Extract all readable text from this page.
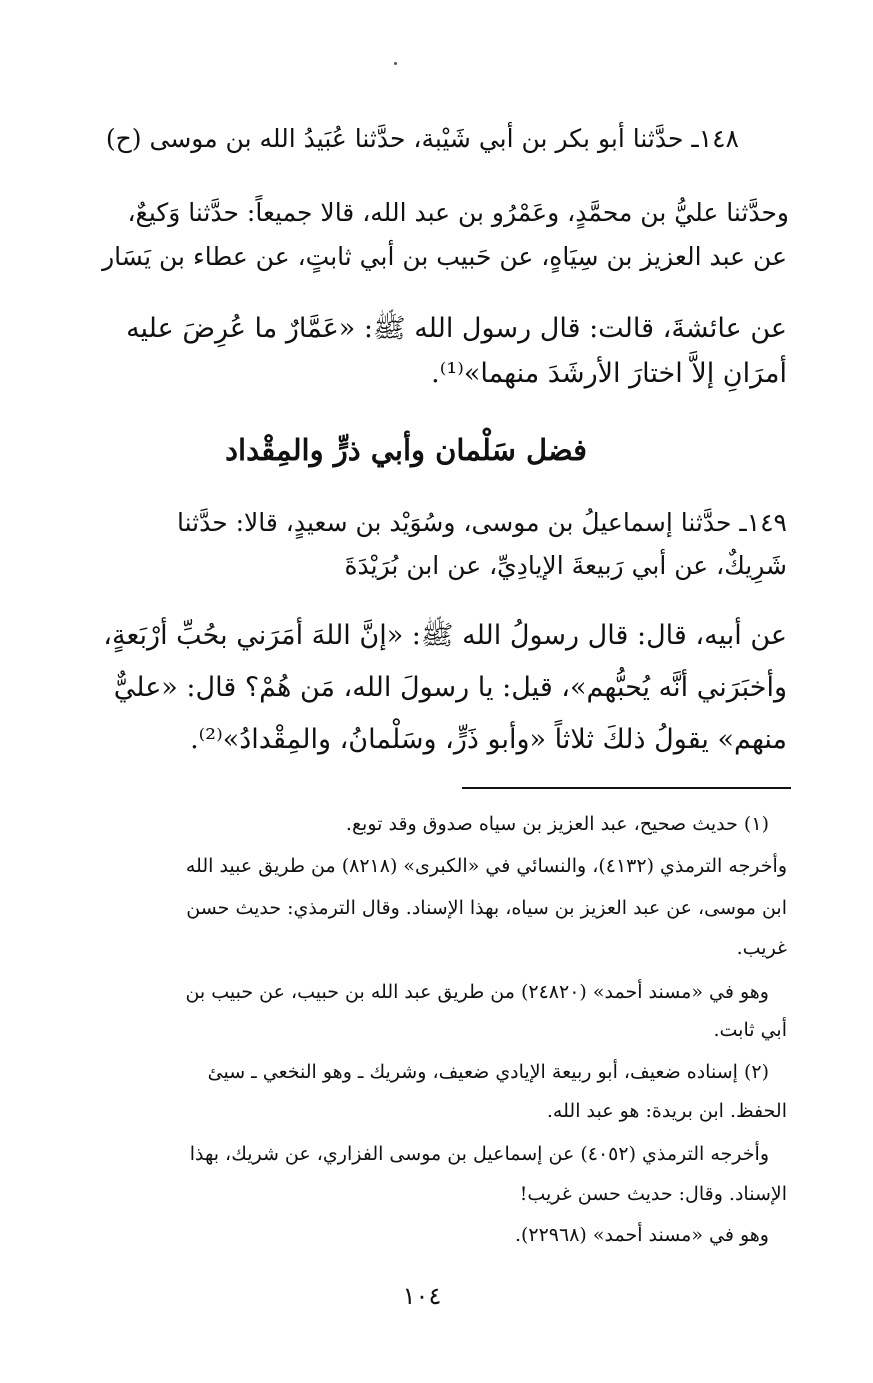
١٤٨ـ حدَّثنا أبو بكر بن أبي شَيْبة، حدَّثنا عُبَيدُ الله بن موسى (ح)
وحدَّثنا عليُّ بن محمَّدٍ، وعَمْرُو بن عبد الله، قالا جميعاً: حدَّثنا وَكيعٌ،
عن عبد العزيز بن سِيَاهٍ، عن حَبيب بن أبي ثابتٍ، عن عطاء بن يَسَار
عن عائشةَ، قالت: قال رسول الله ﷺ: «عَمَّارٌ ما عُرِضَ عليه
أمرَانِ إلاَّ اختارَ الأرشَدَ منهما»⁽¹⁾.
فضل سَلْمان وأبي ذرٍّ والمِقْداد
١٤٩ـ حدَّثنا إسماعيلُ بن موسى، وسُوَيْد بن سعيدٍ، قالا: حدَّثنا
شَرِيكٌ، عن أبي رَبيعةَ الإيادِيِّ، عن ابن بُرَيْدَةَ
عن أبيه، قال: قال رسولُ الله ﷺ: «إنَّ اللهَ أمَرَني بحُبِّ أرْبَعةٍ،
وأخبَرَني أنَّه يُحبُّهم»، قيل: يا رسولَ الله، مَن هُمْ؟ قال: «عليٌّ
منهم» يقولُ ذلكَ ثلاثاً «وأبو ذَرٍّ، وسَلْمانُ، والمِقْدادُ»⁽²⁾.
(١) حديث صحيح، عبد العزيز بن سياه صدوق وقد توبع.
وأخرجه الترمذي (٤١٣٢)، والنسائي في «الكبرى» (٨٢١٨) من طريق عبيد الله
ابن موسى، عن عبد العزيز بن سياه، بهذا الإسناد. وقال الترمذي: حديث حسن
غريب.
وهو في «مسند أحمد» (٢٤٨٢٠) من طريق عبد الله بن حبيب، عن حبيب بن
أبي ثابت.
(٢) إسناده ضعيف، أبو ربيعة الإيادي ضعيف، وشريك ـ وهو النخعي ـ سيئ
الحفظ. ابن بريدة: هو عبد الله.
وأخرجه الترمذي (٤٠٥٢) عن إسماعيل بن موسى الفزاري، عن شريك، بهذا
الإسناد. وقال: حديث حسن غريب!
وهو في «مسند أحمد» (٢٢٩٦٨).
١٠٤
